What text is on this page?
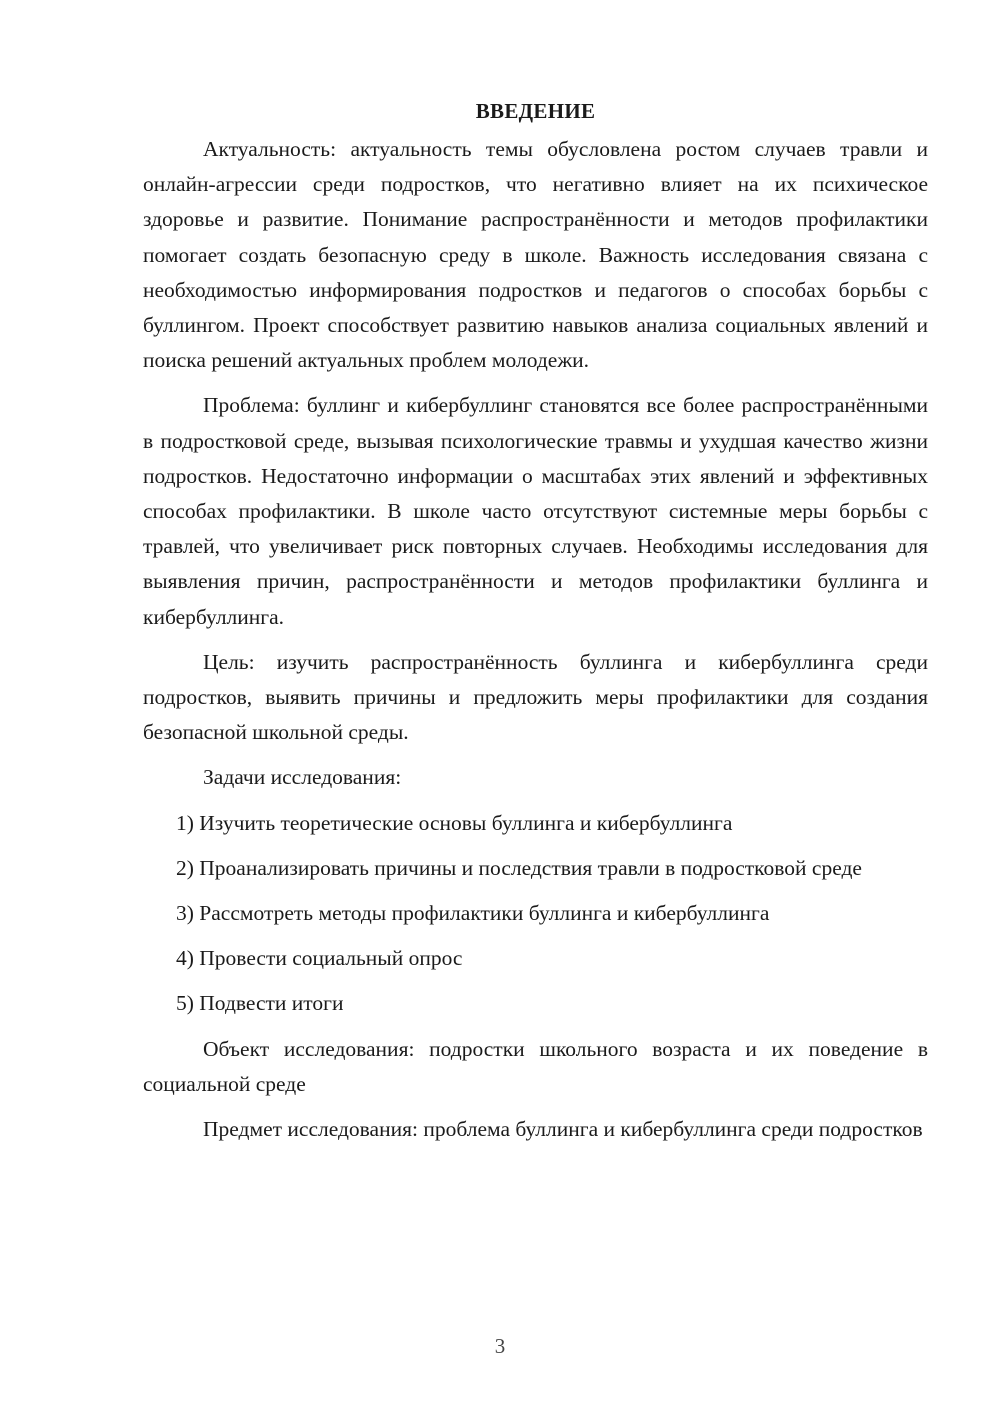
ВВЕДЕНИЕ

Актуальность: актуальность темы обусловлена ростом случаев травли и онлайн-агрессии среди подростков, что негативно влияет на их психическое здоровье и развитие. Понимание распространённости и методов профилактики помогает создать безопасную среду в школе. Важность исследования связана с необходимостью информирования подростков и педагогов о способах борьбы с буллингом. Проект способствует развитию навыков анализа социальных явлений и поиска решений актуальных проблем молодежи.

Проблема: буллинг и кибербуллинг становятся все более распространёнными в подростковой среде, вызывая психологические травмы и ухудшая качество жизни подростков. Недостаточно информации о масштабах этих явлений и эффективных способах профилактики. В школе часто отсутствуют системные меры борьбы с травлей, что увеличивает риск повторных случаев. Необходимы исследования для выявления причин, распространённости и методов профилактики буллинга и кибербуллинга.

Цель: изучить распространённость буллинга и кибербуллинга среди подростков, выявить причины и предложить меры профилактики для создания безопасной школьной среды.

Задачи исследования:

1) Изучить теоретические основы буллинга и кибербуллинга

2) Проанализировать причины и последствия травли в подростковой среде

3) Рассмотреть методы профилактики буллинга и кибербуллинга

4) Провести социальный опрос

5) Подвести итоги

Объект исследования: подростки школьного возраста и их поведение в социальной среде

Предмет исследования: проблема буллинга и кибербуллинга среди подростков

3
